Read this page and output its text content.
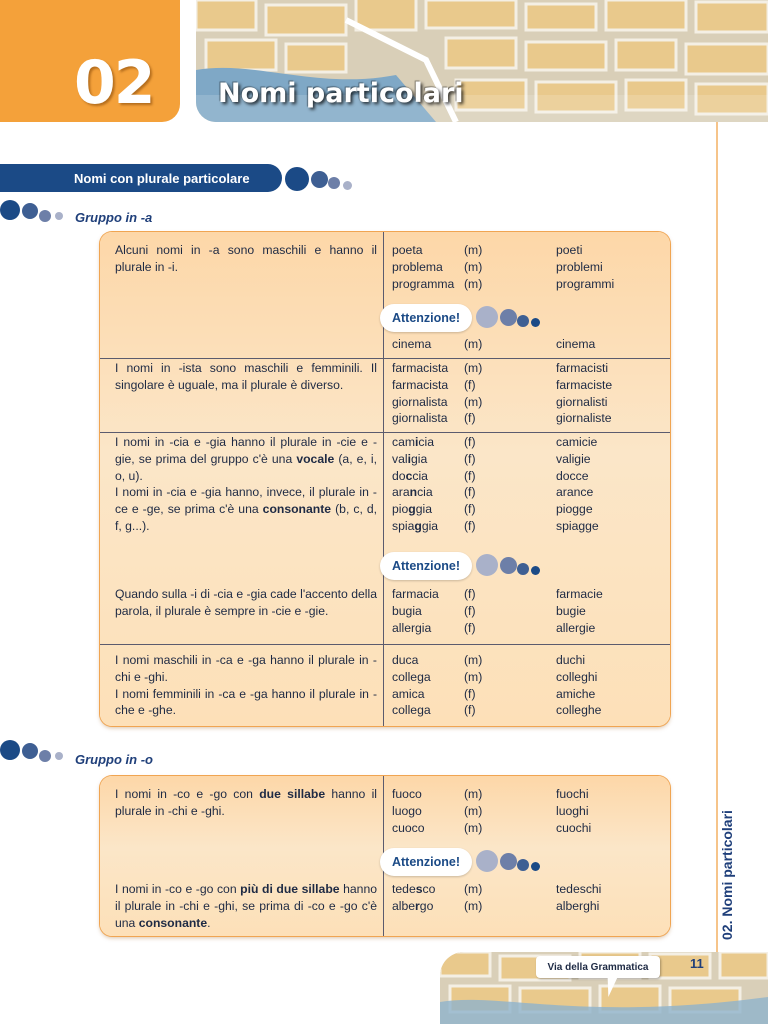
02 Nomi particolari
02. Nomi particolari
Nomi con plurale particolare
Gruppo in -a
Alcuni nomi in -a sono maschili e hanno il plurale in -i.
poeta	(m)	poeti
problema (m)	problemi
programma (m)	programmi
Attenzione!
cinema	(m)	cinema
I nomi in -ista sono maschili e femminili. Il singolare è uguale, ma il plurale è diverso.
farmacista (m)	farmacisti
farmacista (f)	farmaciste
giornalista (m)	giornalisti
giornalista (f)	giornaliste
I nomi in -cia e -gia hanno il plurale in -cie e -gie, se prima del gruppo c'è una vocale (a, e, i, o, u).
I nomi in -cia e -gia hanno, invece, il plurale in -ce e -ge, se prima c'è una consonante (b, c, d, f, g...).
camicia (f)	camicie
valigia	(f)	valigie
doccia	(f)	docce
arancia	(f)	arance
pioggia	(f)	piogge
spiaggia (f)	spiagge
Attenzione!
Quando sulla -i di -cia e -gia cade l'accento della parola, il plurale è sempre in -cie e -gie.
farmacia (f)	farmacie
bugia	(f)	bugie
allergia	(f)	allergie
I nomi maschili in -ca e -ga hanno il plurale in -chi e -ghi.
I nomi femminili in -ca e -ga hanno il plurale in -che e -ghe.
duca	(m)	duchi
collega	(m)	colleghi
amica	(f)	amiche
collega	(f)	colleghe
Gruppo in -o
I nomi in -co e -go con due sillabe hanno il plurale in -chi e -ghi.
fuoco	(m)	fuochi
luogo	(m)	luoghi
cuoco	(m)	cuochi
Attenzione!
I nomi in -co e -go con più di due sillabe hanno il plurale in -chi e -ghi, se prima di -co e -go c'è una consonante.
tedesco (m)	tedeschi
albergo	(m)	alberghi
Via della Grammatica	11
